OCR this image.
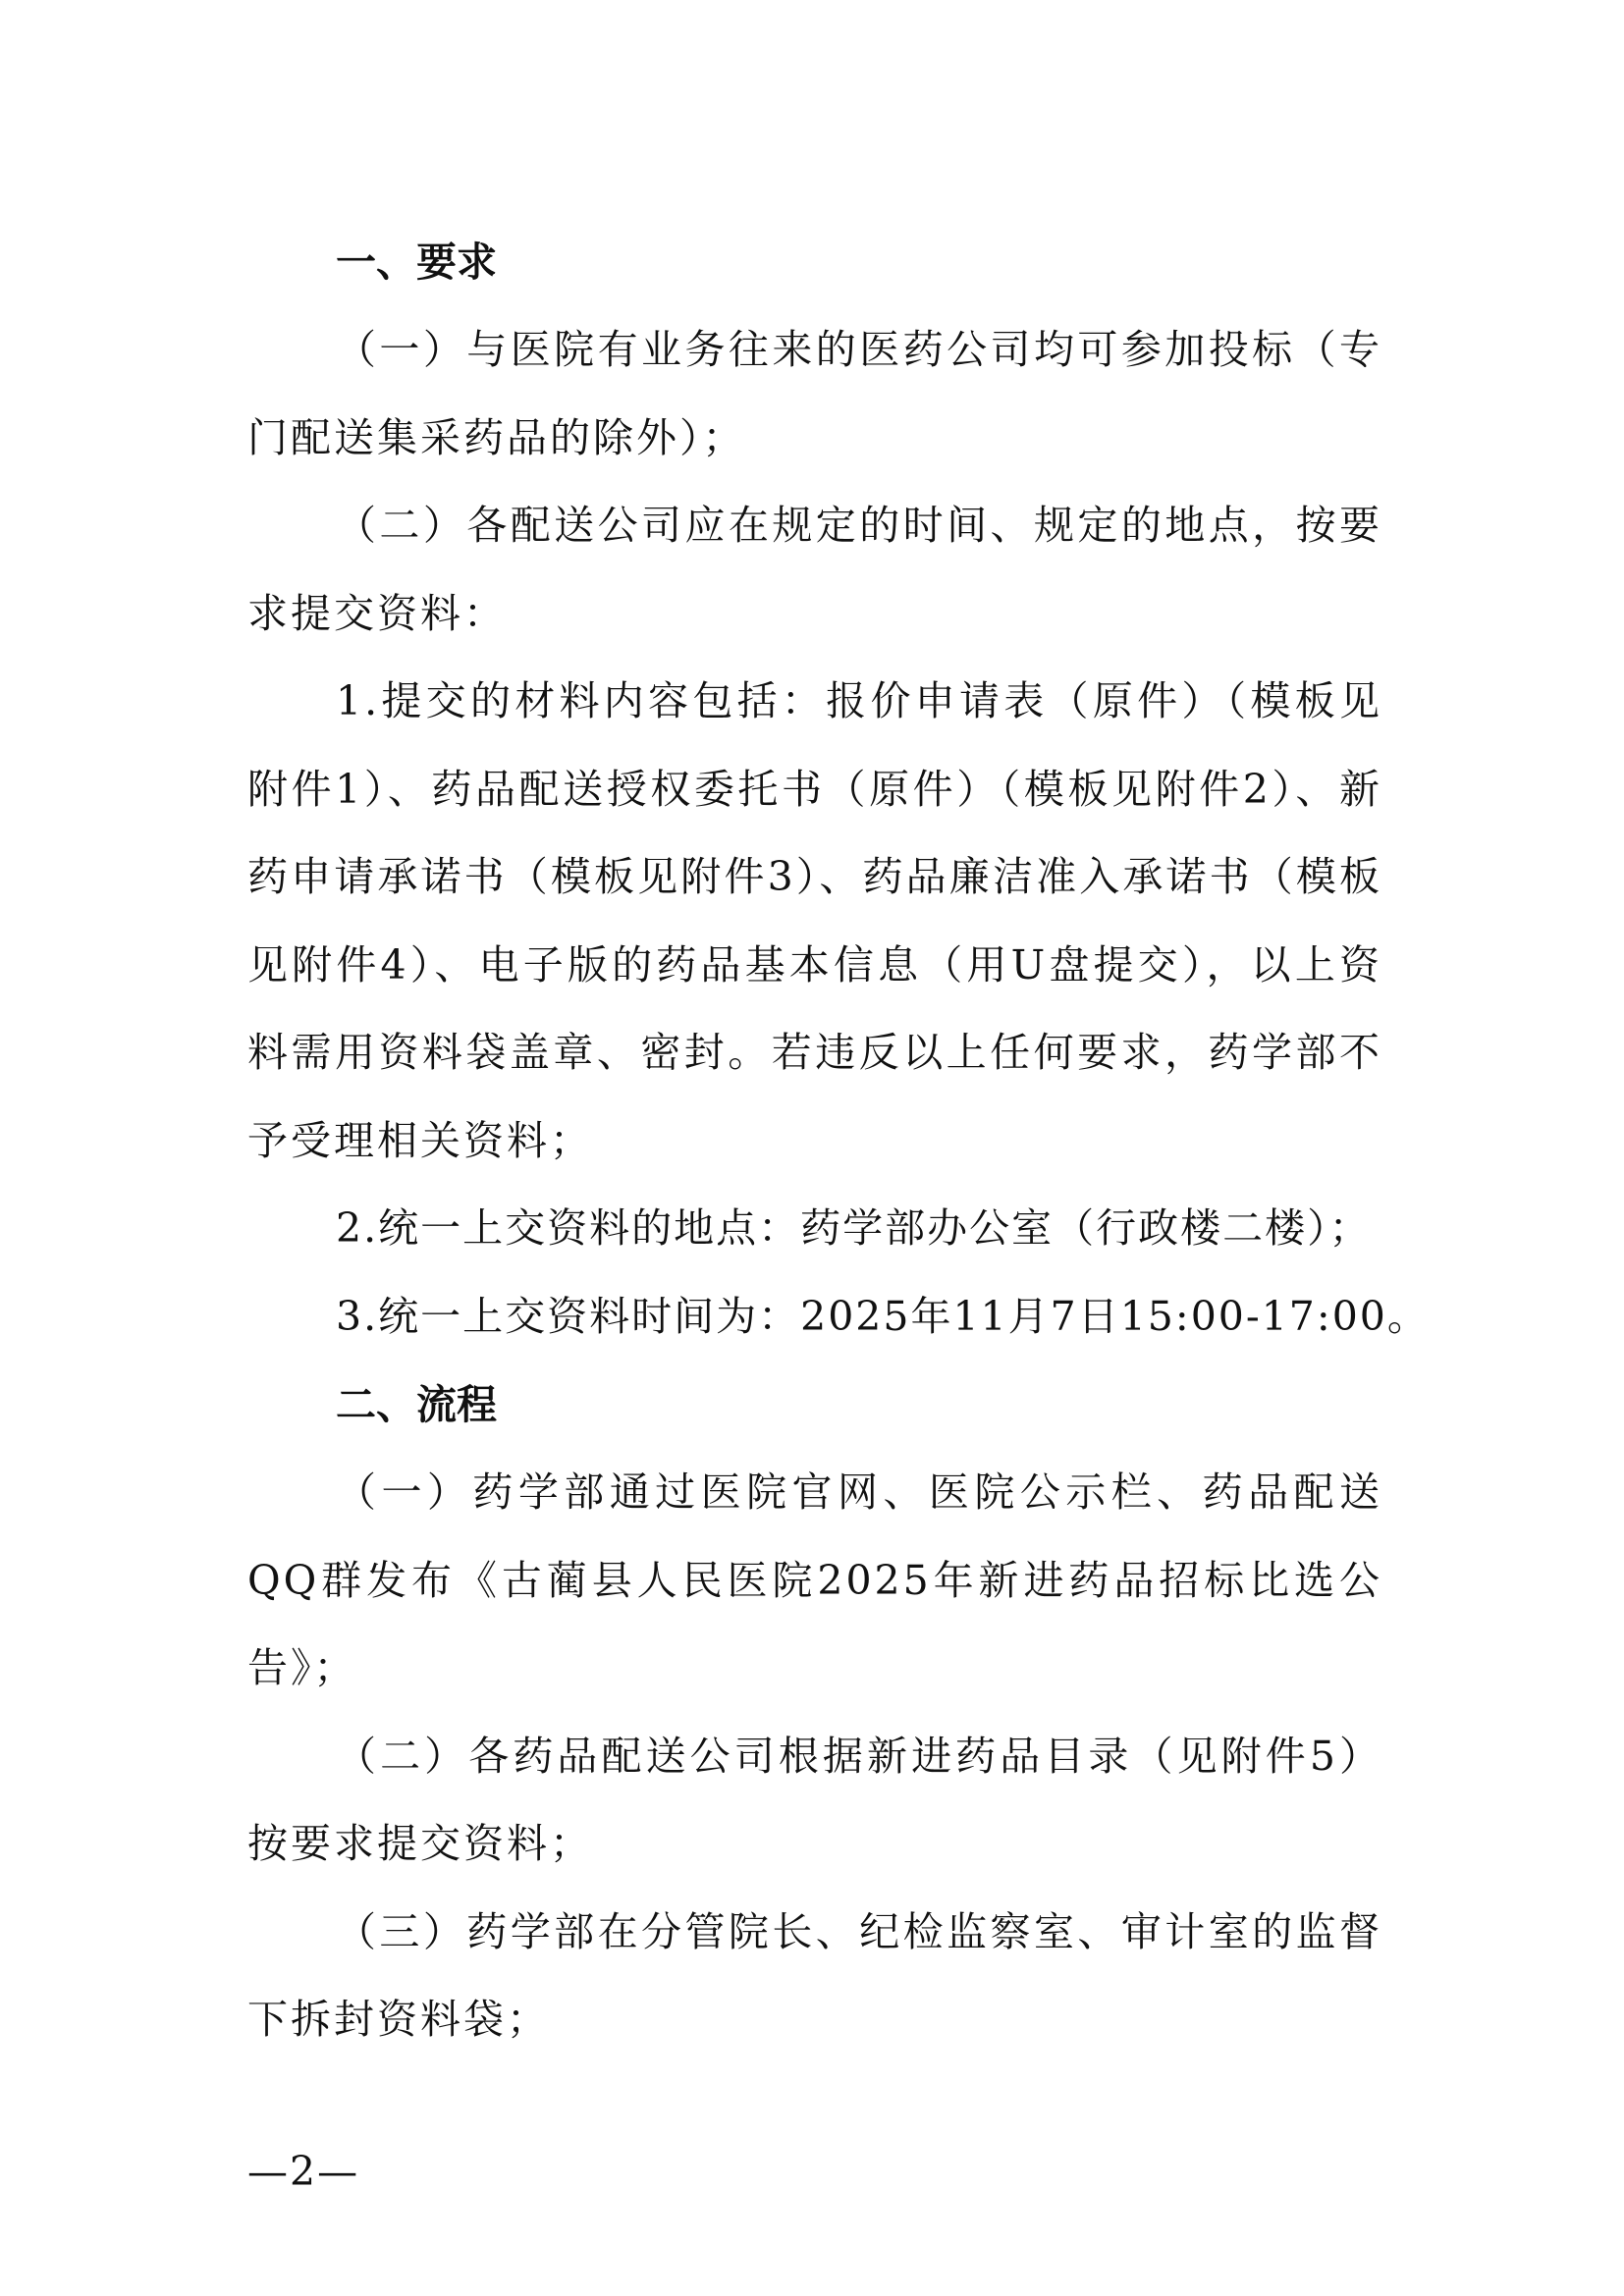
一、要求

（一）与医院有业务往来的医药公司均可参加投标（专门配送集采药品的除外）；

（二）各配送公司应在规定的时间、规定的地点，按要求提交资料：

1.提交的材料内容包括：报价申请表（原件）（模板见附件1）、药品配送授权委托书（原件）（模板见附件2）、新药申请承诺书（模板见附件3）、药品廉洁准入承诺书（模板见附件4）、电子版的药品基本信息（用U盘提交），以上资料需用资料袋盖章、密封。若违反以上任何要求，药学部不予受理相关资料；

2.统一上交资料的地点：药学部办公室（行政楼二楼）；

3.统一上交资料时间为：2025年11月7日15:00-17:00。

二、流程

（一）药学部通过医院官网、医院公示栏、药品配送QQ群发布《古蔺县人民医院2025年新进药品招标比选公告》；

（二）各药品配送公司根据新进药品目录（见附件5）按要求提交资料；

（三）药学部在分管院长、纪检监察室、审计室的监督下拆封资料袋；

—2—
